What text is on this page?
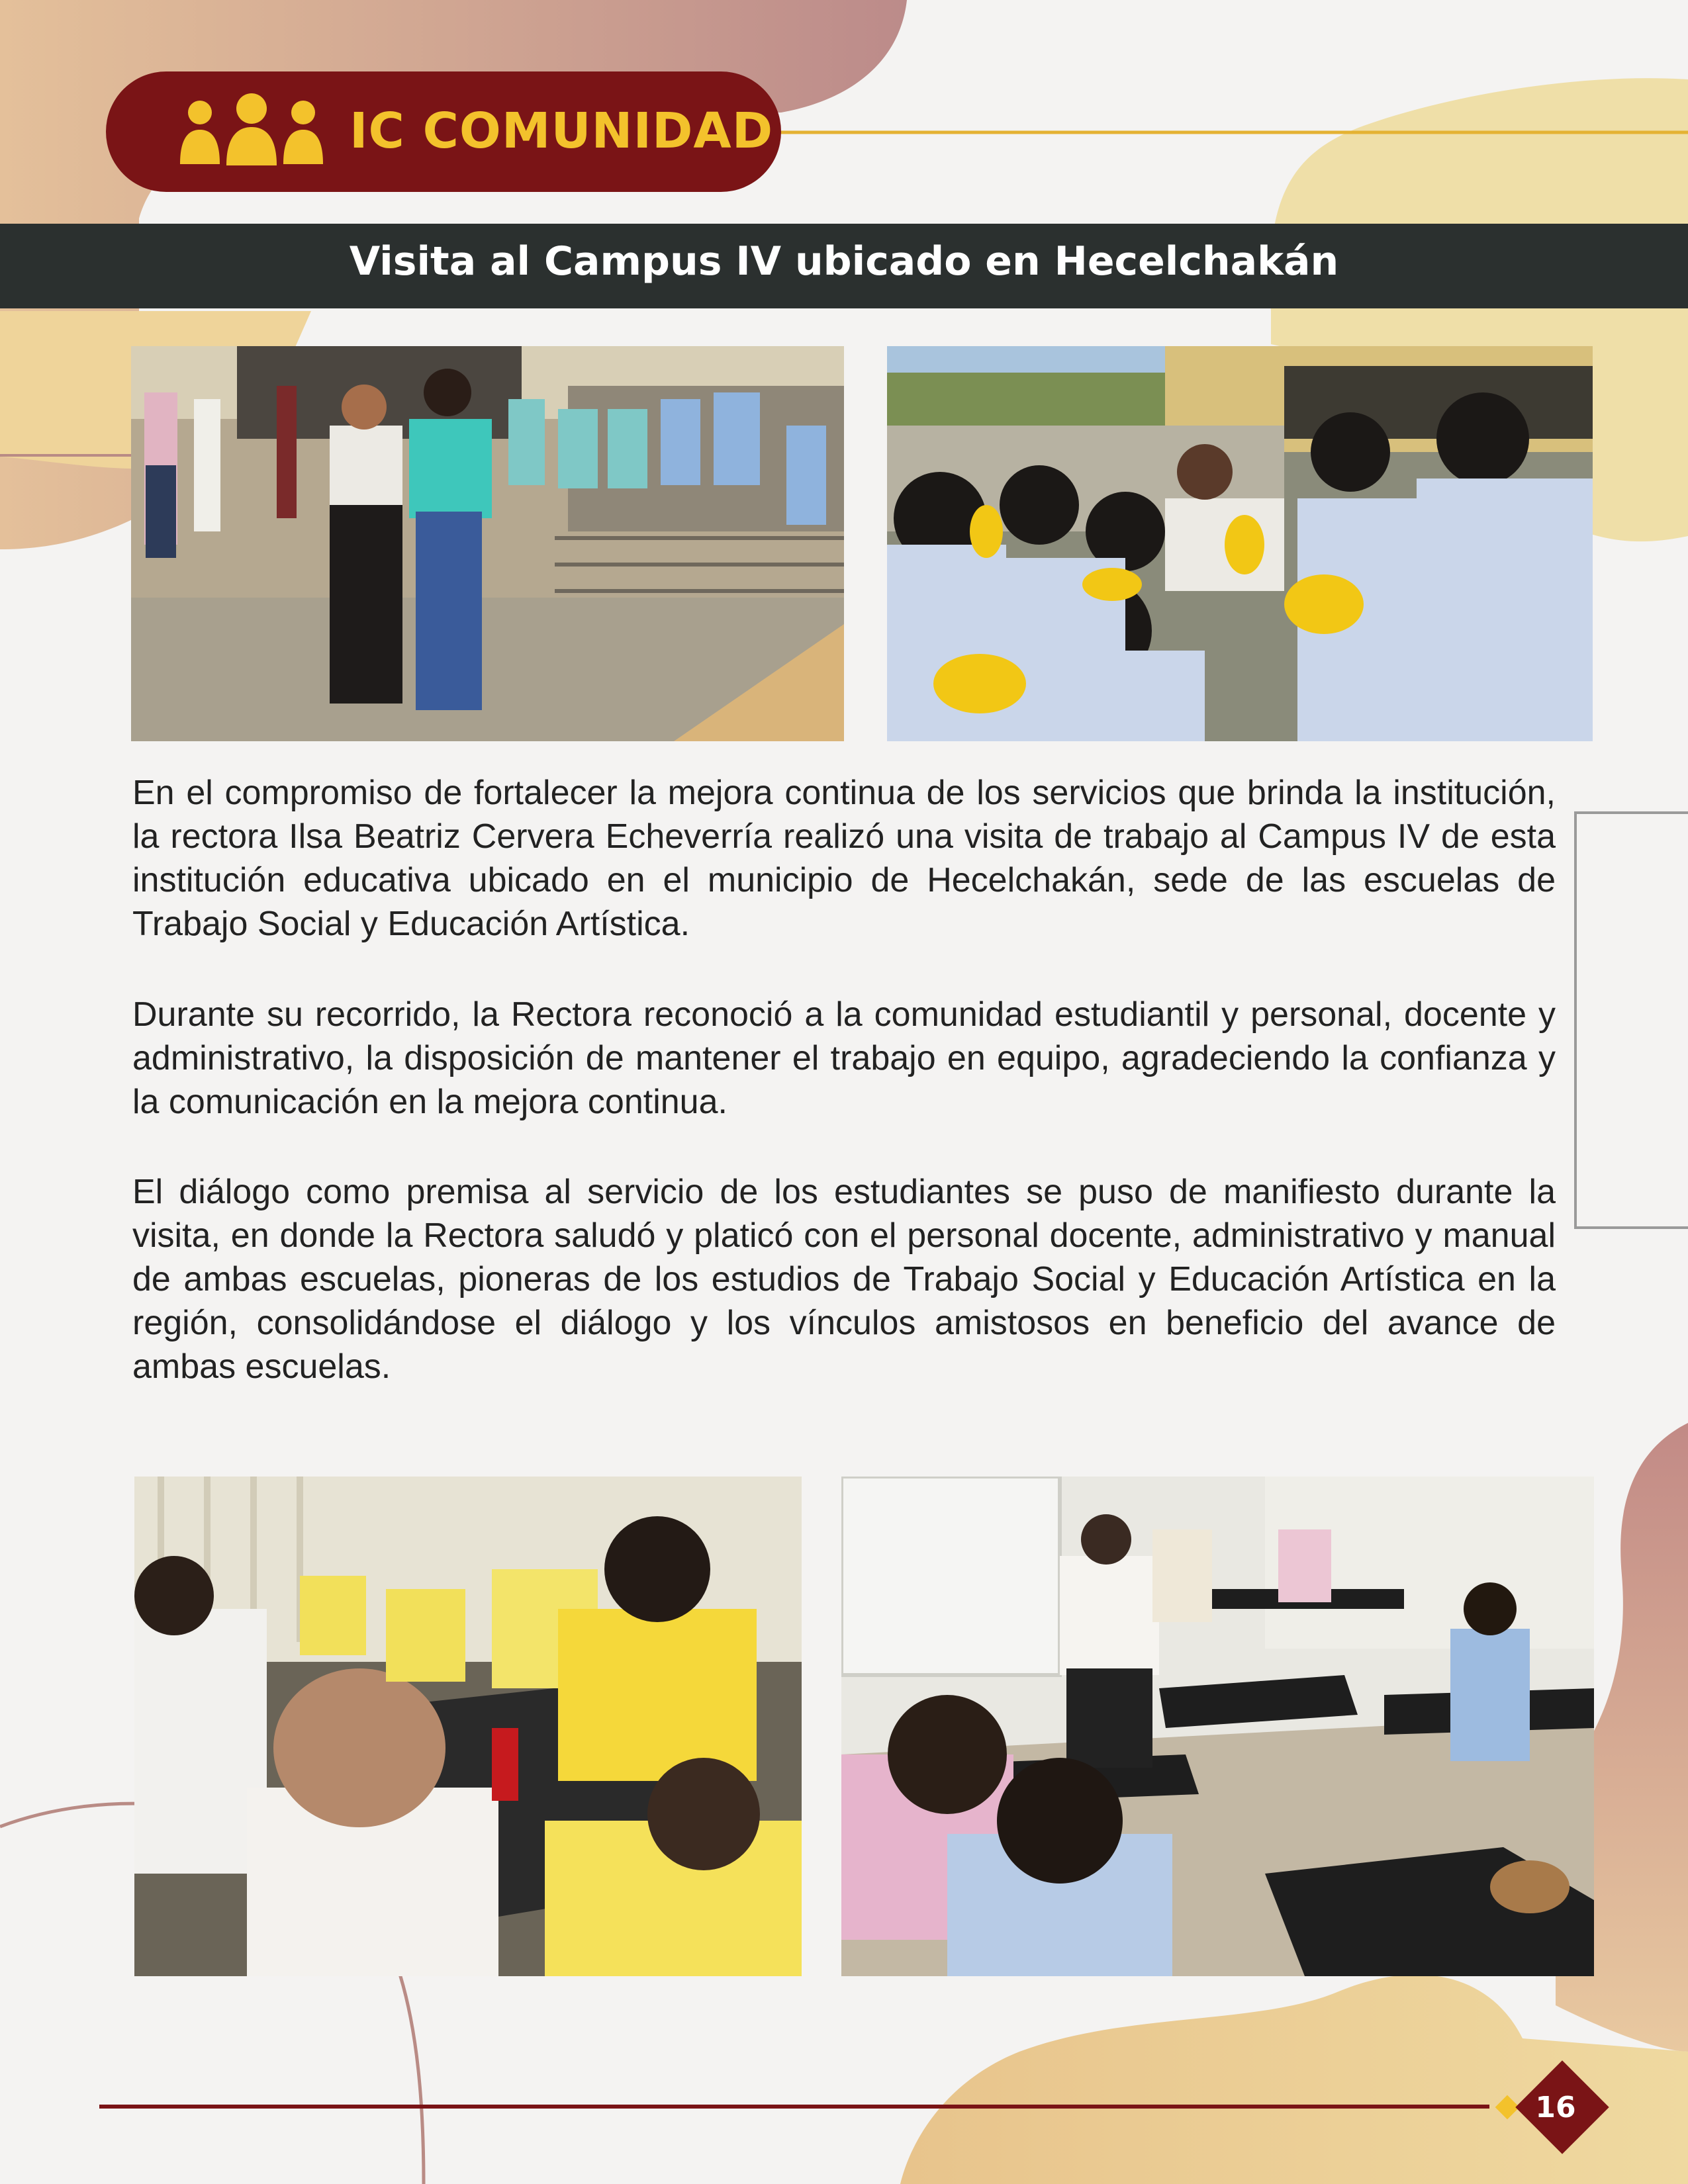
IC COMUNIDAD
Visita al Campus IV ubicado en Hecelchakán

En el compromiso de fortalecer la mejora continua de los servicios que brinda la institución, la rectora Ilsa Beatriz Cervera Echeverría realizó una visita de trabajo al Campus IV de esta institución educativa ubicado en el municipio de Hecelchakán, sede de las escuelas de Trabajo Social y Educación Artística.

Durante su recorrido, la Rectora reconoció a la comunidad estudiantil y personal, docente y administrativo, la disposición de mantener el trabajo en equipo, agradeciendo la confianza y la comunicación en la mejora continua.

El diálogo como premisa al servicio de los estudiantes se puso de manifiesto durante la visita, en donde la Rectora saludó y platicó con el personal docente, administrativo y manual de ambas escuelas, pioneras de los estudios de Trabajo Social y Educación Artística en la región, consolidándose el diálogo y los vínculos amistosos en beneficio del avance de ambas escuelas.

16
